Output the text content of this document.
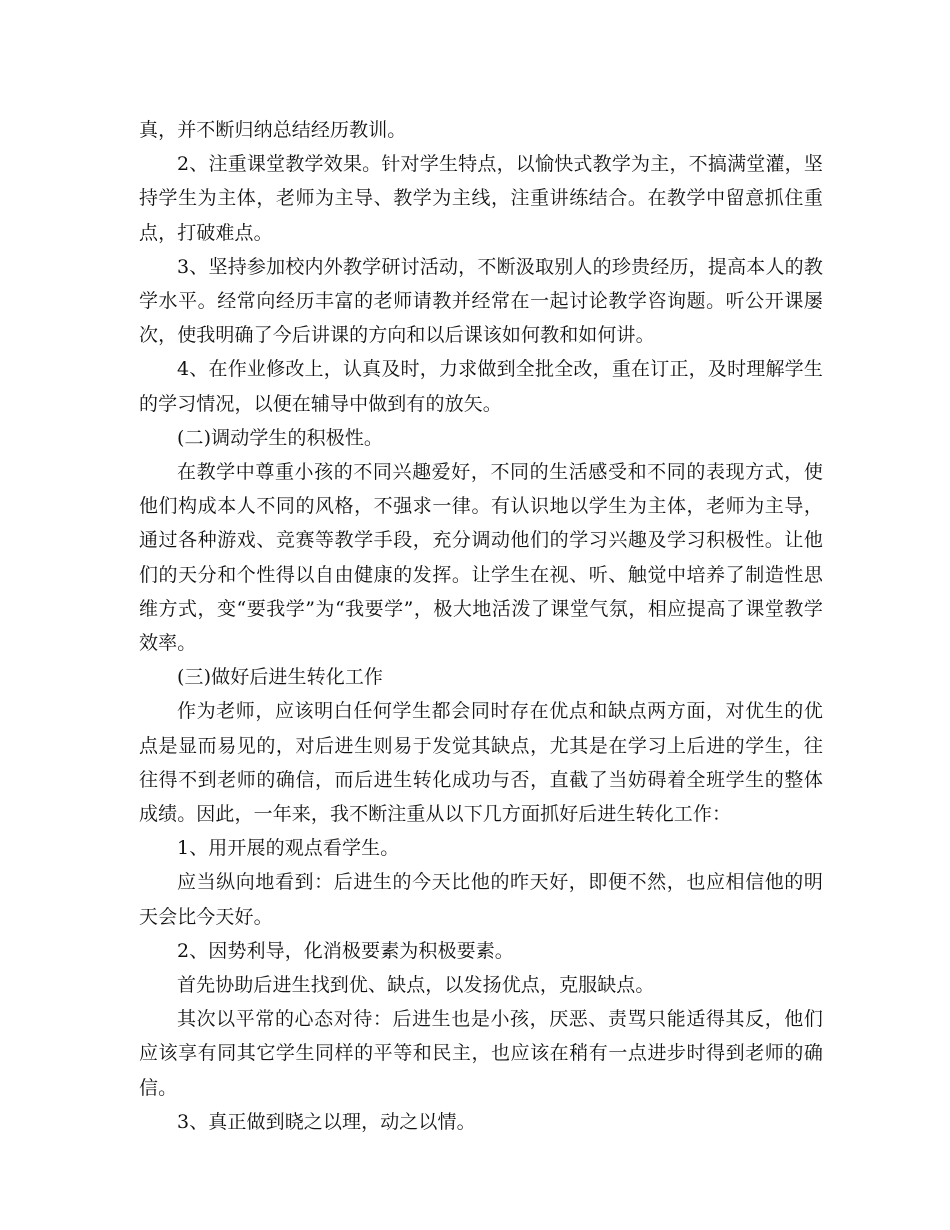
真，并不断归纳总结经历教训。

2、注重课堂教学效果。针对学生特点，以愉快式教学为主，不搞满堂灌，坚持学生为主体，老师为主导、教学为主线，注重讲练结合。在教学中留意抓住重点，打破难点。

3、坚持参加校内外教学研讨活动，不断汲取别人的珍贵经历，提高本人的教学水平。经常向经历丰富的老师请教并经常在一起讨论教学咨询题。听公开课屡次，使我明确了今后讲课的方向和以后课该如何教和如何讲。

4、在作业修改上，认真及时，力求做到全批全改，重在订正，及时理解学生的学习情况，以便在辅导中做到有的放矢。

(二)调动学生的积极性。

在教学中尊重小孩的不同兴趣爱好，不同的生活感受和不同的表现方式，使他们构成本人不同的风格，不强求一律。有认识地以学生为主体，老师为主导，通过各种游戏、竞赛等教学手段，充分调动他们的学习兴趣及学习积极性。让他们的天分和个性得以自由健康的发挥。让学生在视、听、触觉中培养了制造性思维方式，变“要我学”为“我要学”，极大地活泼了课堂气氛，相应提高了课堂教学效率。

(三)做好后进生转化工作

作为老师，应该明白任何学生都会同时存在优点和缺点两方面，对优生的优点是显而易见的，对后进生则易于发觉其缺点，尤其是在学习上后进的学生，往往得不到老师的确信，而后进生转化成功与否，直截了当妨碍着全班学生的整体成绩。因此，一年来，我不断注重从以下几方面抓好后进生转化工作：

1、用开展的观点看学生。

应当纵向地看到：后进生的今天比他的昨天好，即便不然，也应相信他的明天会比今天好。

2、因势利导，化消极要素为积极要素。

首先协助后进生找到优、缺点，以发扬优点，克服缺点。

其次以平常的心态对待：后进生也是小孩，厌恶、责骂只能适得其反，他们应该享有同其它学生同样的平等和民主，也应该在稍有一点进步时得到老师的确信。

3、真正做到晓之以理，动之以情。
